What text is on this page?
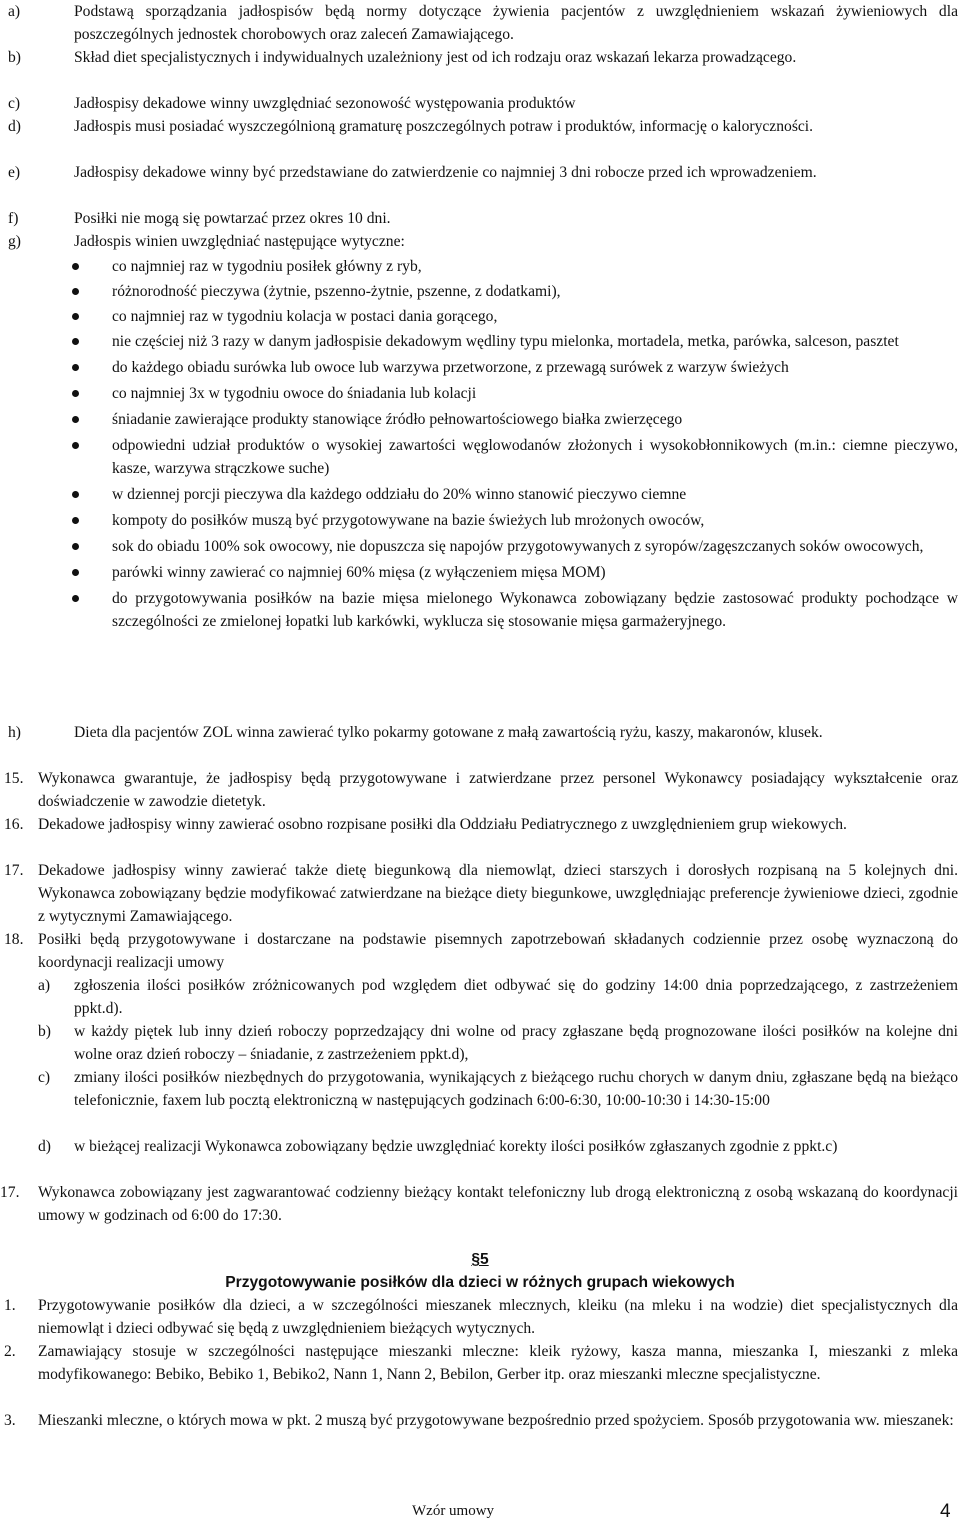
a)	Podstawą sporządzania jadłospisów będą normy dotyczące żywienia pacjentów z uwzględnieniem wskazań żywieniowych dla poszczególnych jednostek chorobowych oraz zaleceń Zamawiającego.
b)	Skład diet specjalistycznych i indywidualnych uzależniony jest od ich rodzaju oraz wskazań lekarza prowadzącego.
c)	Jadłospisy dekadowe winny uwzględniać sezonowość występowania produktów
d)	Jadłospis musi posiadać wyszczególnioną gramaturę poszczególnych potraw i produktów, informację o kaloryczności.
e)	Jadłospisy dekadowe winny być przedstawiane do zatwierdzenie co najmniej 3 dni robocze przed ich wprowadzeniem.
f)	Posiłki nie mogą się powtarzać przez okres 10 dni.
g)	Jadłospis winien uwzględniać następujące wytyczne:
co najmniej raz w tygodniu posiłek główny z ryb,
różnorodność pieczywa (żytnie, pszenno-żytnie, pszenne, z dodatkami),
co najmniej raz w tygodniu kolacja w postaci dania gorącego,
nie częściej niż 3 razy w danym jadłospisie dekadowym wędliny typu mielonka, mortadela, metka, parówka, salceson, pasztet
do każdego obiadu surówka lub owoce lub warzywa przetworzone, z przewagą surówek z warzyw świeżych
co najmniej 3x w tygodniu owoce do śniadania lub kolacji
śniadanie zawierające produkty stanowiące źródło pełnowartościowego białka zwierzęcego
odpowiedni udział produktów o wysokiej zawartości węglowodanów złożonych i wysokobłonnikowych (m.in.: ciemne pieczywo, kasze, warzywa strączkowe suche)
w dziennej porcji pieczywa dla każdego oddziału do 20% winno stanowić pieczywo ciemne
kompoty do posiłków muszą być przygotowywane na bazie świeżych lub mrożonych owoców,
sok do obiadu 100% sok owocowy, nie dopuszcza się napojów przygotowywanych z syropów/zagęszczanych soków owocowych,
parówki winny zawierać co najmniej 60% mięsa (z wyłączeniem mięsa MOM)
do przygotowywania posiłków na bazie mięsa mielonego Wykonawca zobowiązany będzie zastosować produkty pochodzące w szczególności ze zmielonej łopatki lub karkówki, wyklucza się stosowanie mięsa garmażeryjnego.
h)	Dieta dla pacjentów ZOL winna zawierać tylko pokarmy gotowane z małą zawartością ryżu, kaszy, makaronów, klusek.
15. Wykonawca gwarantuje, że jadłospisy będą przygotowywane i zatwierdzane przez personel Wykonawcy posiadający wykształcenie oraz doświadczenie w zawodzie dietetyk.
16. Dekadowe jadłospisy winny zawierać osobno rozpisane posiłki dla Oddziału Pediatrycznego z uwzględnieniem grup wiekowych.
17. Dekadowe jadłospisy winny zawierać także dietę biegunkową dla niemowląt, dzieci starszych i dorosłych rozpisaną na 5 kolejnych dni. Wykonawca zobowiązany będzie modyfikować zatwierdzane na bieżące diety biegunkowe, uwzględniając preferencje żywieniowe dzieci, zgodnie z wytycznymi Zamawiającego.
18. Posiłki będą przygotowywane i dostarczane na podstawie pisemnych zapotrzebowań składanych codziennie przez osobę wyznaczoną do koordynacji realizacji umowy
a) zgłoszenia ilości posiłków zróżnicowanych pod względem diet odbywać się do godziny 14:00 dnia poprzedzającego, z zastrzeżeniem ppkt.d).
b) w każdy piętek lub inny dzień roboczy poprzedzający dni wolne od pracy zgłaszane będą prognozowane ilości posiłków na kolejne dni wolne oraz dzień roboczy – śniadanie, z zastrzeżeniem ppkt.d),
c) zmiany ilości posiłków niezbędnych do przygotowania, wynikających z bieżącego ruchu chorych w danym dniu, zgłaszane będą na bieżąco telefonicznie, faxem lub pocztą elektroniczną w następujących godzinach 6:00-6:30, 10:00-10:30 i 14:30-15:00
d) w bieżącej realizacji Wykonawca zobowiązany będzie uwzględniać korekty ilości posiłków zgłaszanych zgodnie z ppkt.c)
17. Wykonawca zobowiązany jest zagwarantować codzienny bieżący kontakt telefoniczny lub drogą elektroniczną z osobą wskazaną do koordynacji umowy w godzinach od 6:00 do 17:30.
§5
Przygotowywanie posiłków dla dzieci w różnych grupach wiekowych
1. Przygotowywanie posiłków dla dzieci, a w szczególności mieszanek mlecznych, kleiku (na mleku i na wodzie) diet specjalistycznych dla niemowląt i dzieci odbywać się będą z uwzględnieniem bieżących wytycznych.
2. Zamawiający stosuje w szczególności następujące mieszanki mleczne: kleik ryżowy, kasza manna, mieszanka I, mieszanki z mleka modyfikowanego: Bebiko, Bebiko 1, Bebiko2, Nann 1, Nann 2, Bebilon, Gerber itp. oraz mieszanki mleczne specjalistyczne.
3. Mieszanki mleczne, o których mowa w pkt. 2 muszą być przygotowywane bezpośrednio przed spożyciem. Sposób przygotowania ww. mieszanek:
Wzór umowy	4
